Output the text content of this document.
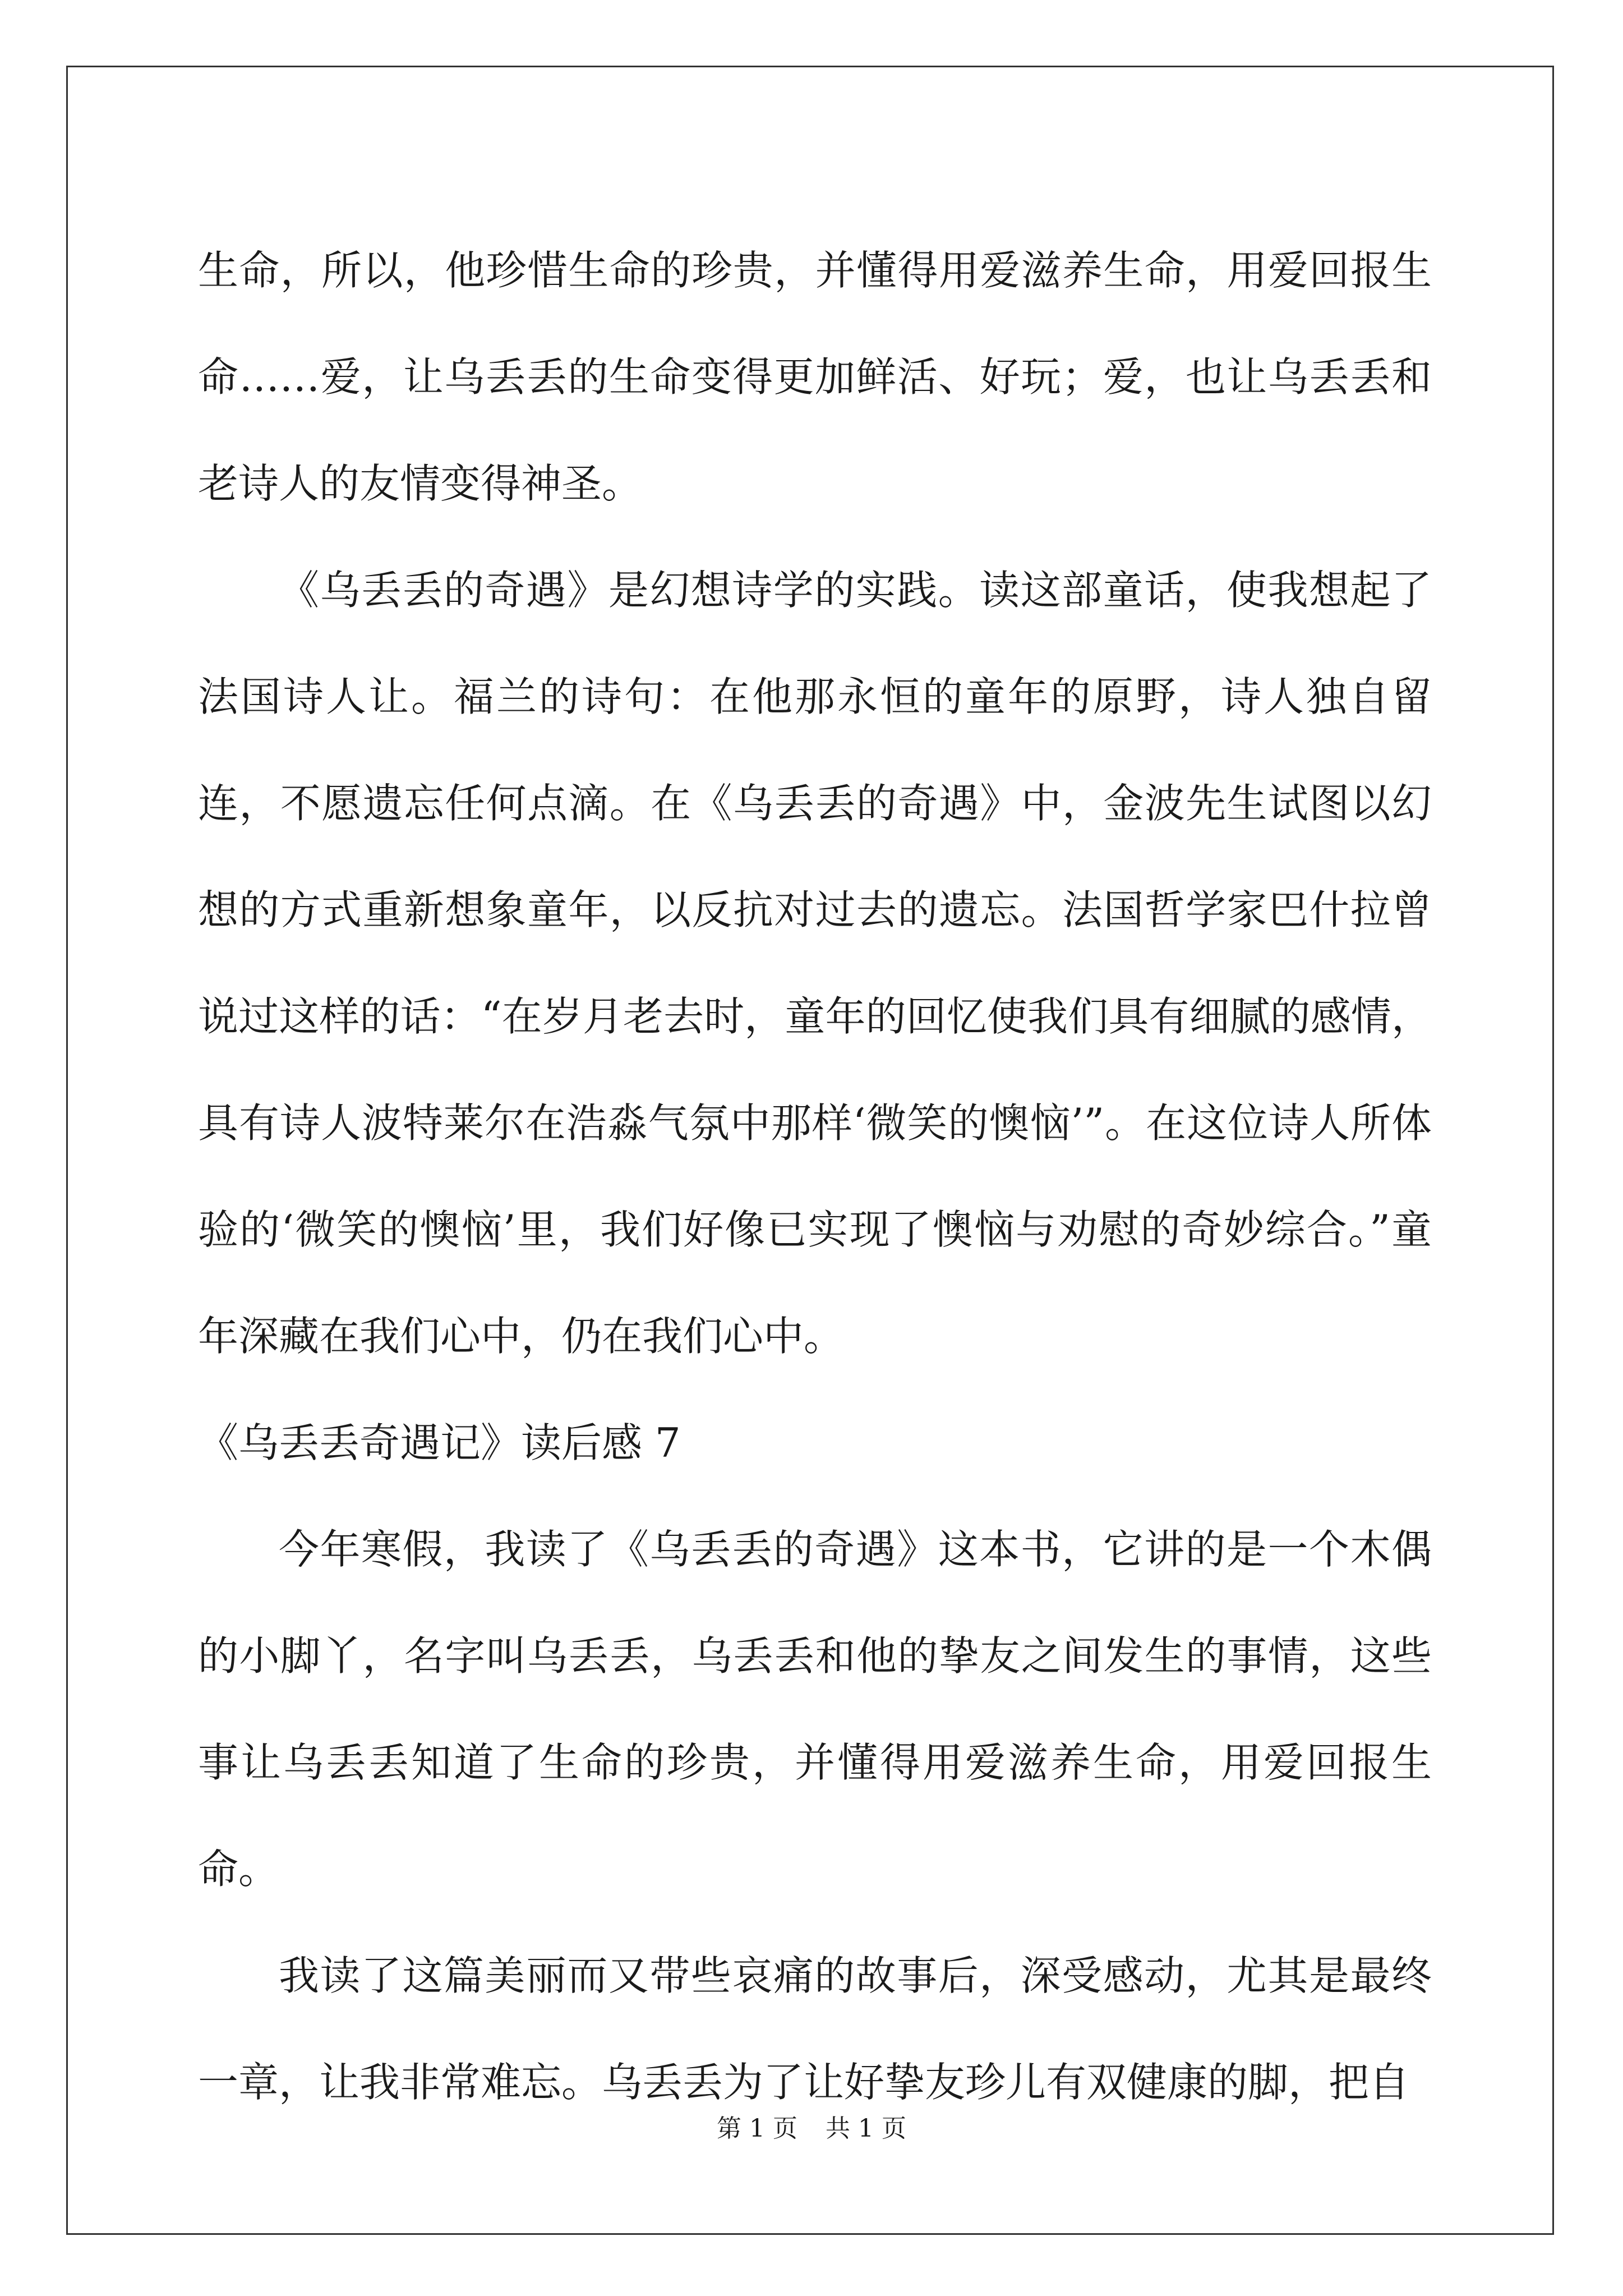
生命，所以，他珍惜生命的珍贵，并懂得用爱滋养生命，用爱回报生命……爱，让乌丢丢的生命变得更加鲜活、好玩；爱，也让乌丢丢和老诗人的友情变得神圣。

《乌丢丢的奇遇》是幻想诗学的实践。读这部童话，使我想起了法国诗人让。福兰的诗句：在他那永恒的童年的原野，诗人独自留连，不愿遗忘任何点滴。在《乌丢丢的奇遇》中，金波先生试图以幻想的方式重新想象童年，以反抗对过去的遗忘。法国哲学家巴什拉曾说过这样的话：“在岁月老去时，童年的回忆使我们具有细腻的感情，具有诗人波特莱尔在浩淼气氛中那样‘微笑的懊恼’”。在这位诗人所体验的‘微笑的懊恼’里，我们好像已实现了懊恼与劝慰的奇妙综合。”童年深藏在我们心中，仍在我们心中。

《乌丢丢奇遇记》读后感 7

今年寒假，我读了《乌丢丢的奇遇》这本书，它讲的是一个木偶的小脚丫，名字叫乌丢丢，乌丢丢和他的挚友之间发生的事情，这些事让乌丢丢知道了生命的珍贵，并懂得用爱滋养生命，用爱回报生命。

我读了这篇美丽而又带些哀痛的故事后，深受感动，尤其是最终一章，让我非常难忘。乌丢丢为了让好挚友珍儿有双健康的脚，把自

第 1 页 共 1 页
